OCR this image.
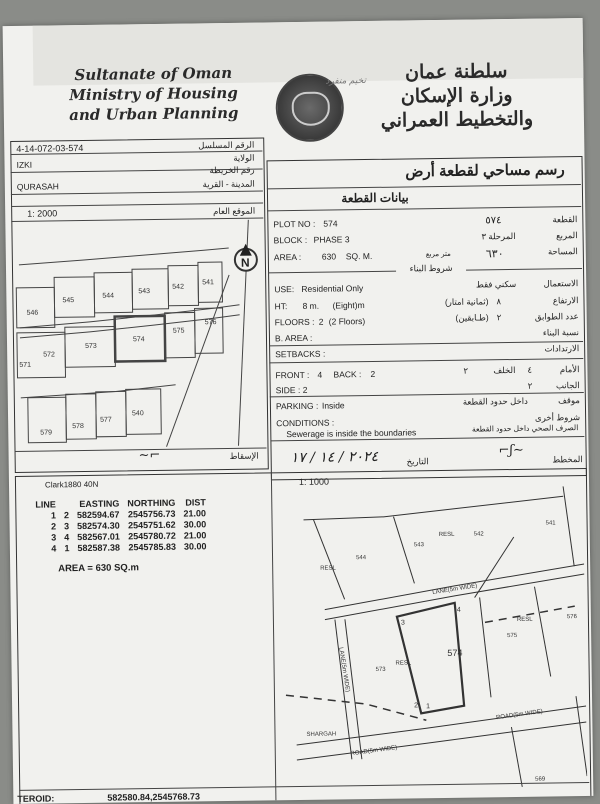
Sultanate of Oman
Ministry of Housing
and Urban Planning
سلطنة عمان
وزارة الإسكان
والتخطيط العمراني
تخيم منفرد
4-14-072-03-574	الرقم المسلسل
IZKI
الولاية
رقم الخريطة
QURASAH	المدينة - القرية
1: 2000	الموقع العام
545
544
543
542
541
546
573
574
575
576
571
572
579
578
577
540
N
الإسقاط
~⌐
رسم مساحي لقطعة أرض
بيانات القطعة
PLOT NO : 574	٥٧٤	القطعة
BLOCK : PHASE 3	المرحلة ٣	المربع
AREA : 630 SQ. M.	متر مربع	٦٣٠	المساحة
شروط البناء
USE: Residential Only	سكني فقط	الاستعمال
HT: 8 m. (Eight)m	(ثمانية امتار) ٨	الارتفاع
FLOORS : 2 (2 Floors)	(طـابقين) ٢	عدد الطوابق
B. AREA :
نسبة البناء
SETBACKS :
الارتدادات
FRONT : 4 BACK : 2	٢	الخلف ٤	الأمام
SIDE : 2	٢	الجانب
PARKING : Inside	داخل حدود القطعة	موقف
CONDITIONS :
شروط أخرى
Sewerage is inside the boundaries	الصرف الصحي داخل حدود القطعة
٢٠٢٤ / ١٤ / ١٧	التاريخ
⌐ʃ~
المخطط
Clark1880 40N	1: 1000
LINE		EASTING	NORTHING	DIST
1	2	582594.67	2545756.73	21.00
2	3	582574.30	2545751.62	30.00
3	4	582567.01	2545780.72	21.00
4	1	582587.38	2545785.83	30.00
AREA = 630 SQ.m
541
542
543
544
RESL
RESL
RESL
RESL
LANE(5m WIDE)
LANE(5m WIDE)	574
575
576
573
1
2
3
4
ROAD(5m WIDE)
ROAD(5m WIDE)
SHARGAH
569
TEROID:	582580.84,2545768.73
